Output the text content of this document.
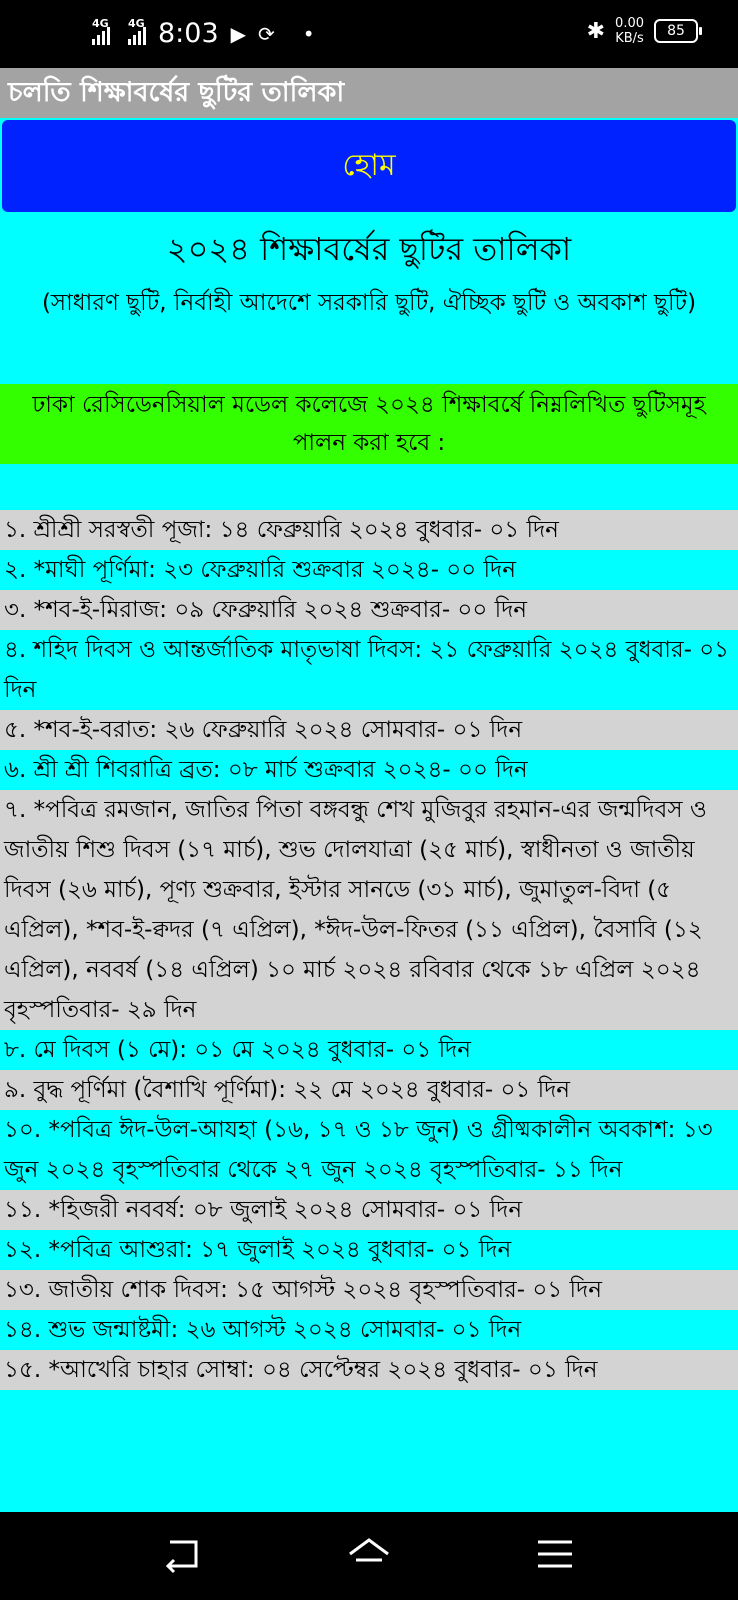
4G 4G 8:03 ▶ ⟳ •	✱ 0.00
KB/s	85
চলতি শিক্ষাবর্ষের ছুটির তালিকা
হোম
২০২৪ শিক্ষাবর্ষের ছুটির তালিকা
(সাধারণ ছুটি, নির্বাহী আদেশে সরকারি ছুটি, ঐচ্ছিক ছুটি ও অবকাশ ছুটি)
ঢাকা রেসিডেনসিয়াল মডেল কলেজে ২০২৪ শিক্ষাবর্ষে নিম্নলিখিত ছুটিসমূহ পালন করা হবে :
১. শ্রীশ্রী সরস্বতী পূজা: ১৪ ফেব্রুয়ারি ২০২৪ বুধবার- ০১ দিন
২. *মাঘী পূর্ণিমা: ২৩ ফেব্রুয়ারি শুক্রবার ২০২৪- ০০ দিন
৩. *শব-ই-মিরাজ: ০৯ ফেব্রুয়ারি ২০২৪ শুক্রবার- ০০ দিন
৪. শহিদ দিবস ও আন্তর্জাতিক মাতৃভাষা দিবস: ২১ ফেব্রুয়ারি ২০২৪ বুধবার- ০১ দিন
৫. *শব-ই-বরাত: ২৬ ফেব্রুয়ারি ২০২৪ সোমবার- ০১ দিন
৬. শ্রী শ্রী শিবরাত্রি ব্রত: ০৮ মার্চ শুক্রবার ২০২৪- ০০ দিন
৭. *পবিত্র রমজান, জাতির পিতা বঙ্গবন্ধু শেখ মুজিবুর রহমান-এর জন্মদিবস ও জাতীয় শিশু দিবস (১৭ মার্চ), শুভ দোলযাত্রা (২৫ মার্চ), স্বাধীনতা ও জাতীয় দিবস (২৬ মার্চ), পূণ্য শুক্রবার, ইস্টার সানডে (৩১ মার্চ), জুমাতুল-বিদা (৫ এপ্রিল), *শব-ই-ক্বদর (৭ এপ্রিল), *ঈদ-উল-ফিতর (১১ এপ্রিল), বৈসাবি (১২ এপ্রিল), নববর্ষ (১৪ এপ্রিল) ১০ মার্চ ২০২৪ রবিবার থেকে ১৮ এপ্রিল ২০২৪ বৃহস্পতিবার- ২৯ দিন
৮. মে দিবস (১ মে): ০১ মে ২০২৪ বুধবার- ০১ দিন
৯. বুদ্ধ পূর্ণিমা (বৈশাখি পূর্ণিমা): ২২ মে ২০২৪ বুধবার- ০১ দিন
১০. *পবিত্র ঈদ-উল-আযহা (১৬, ১৭ ও ১৮ জুন) ও গ্রীষ্মকালীন অবকাশ: ১৩ জুন ২০২৪ বৃহস্পতিবার থেকে ২৭ জুন ২০২৪ বৃহস্পতিবার- ১১ দিন
১১. *হিজরী নববর্ষ: ০৮ জুলাই ২০২৪ সোমবার- ০১ দিন
১২. *পবিত্র আশুরা: ১৭ জুলাই ২০২৪ বুধবার- ০১ দিন
১৩. জাতীয় শোক দিবস: ১৫ আগস্ট ২০২৪ বৃহস্পতিবার- ০১ দিন
১৪. শুভ জন্মাষ্টমী: ২৬ আগস্ট ২০২৪ সোমবার- ০১ দিন
১৫. *আখেরি চাহার সোম্বা: ০৪ সেপ্টেম্বর ২০২৪ বুধবার- ০১ দিন
